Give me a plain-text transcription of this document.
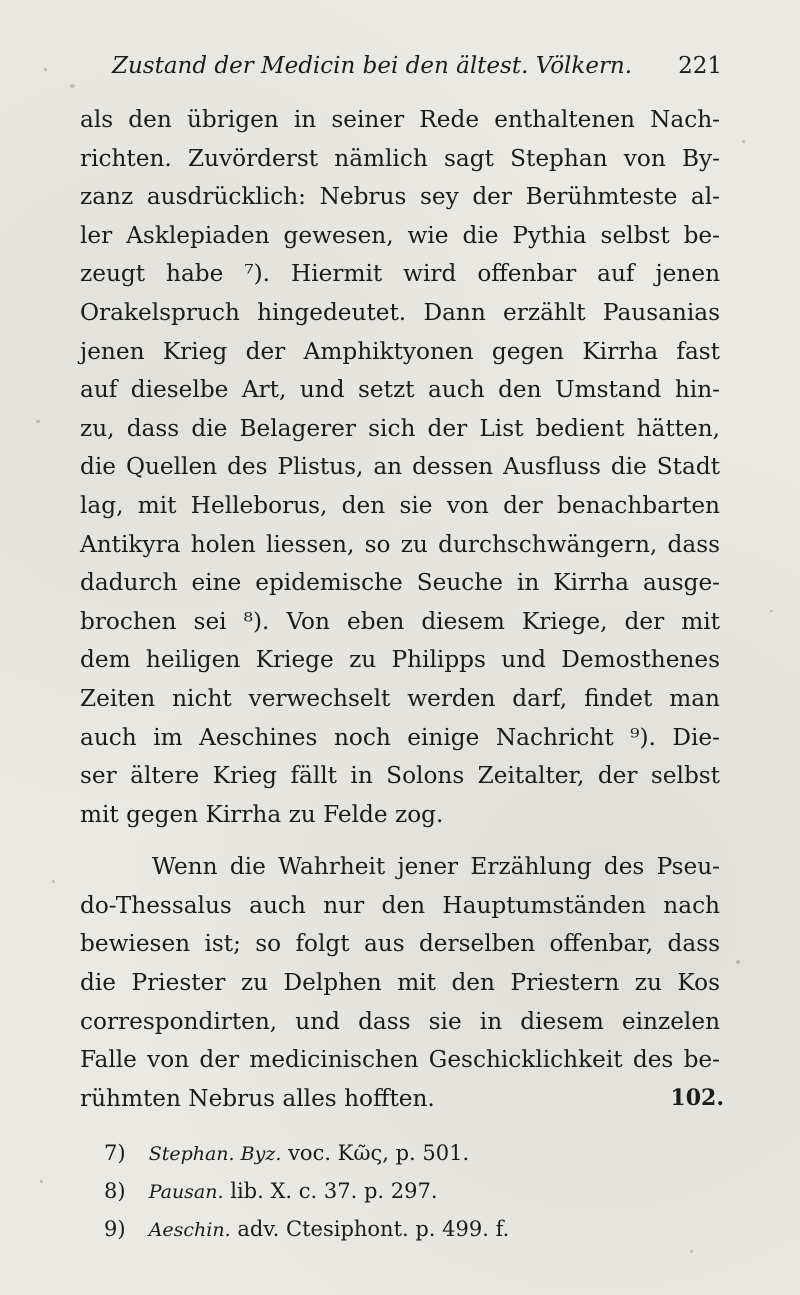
Zustand der Medicin bei den ältest. Völkern. 221
als den übrigen in seiner Rede enthaltenen Nach-
richten. Zuvörderst nämlich sagt Stephan von By-
zanz ausdrücklich: Nebrus sey der Berühmteste al-
ler Asklepiaden gewesen, wie die Pythia selbst be-
zeugt habe ⁷). Hiermit wird offenbar auf jenen
Orakelspruch hingedeutet. Dann erzählt Pausanias
jenen Krieg der Amphiktyonen gegen Kirrha fast
auf dieselbe Art, und setzt auch den Umstand hin-
zu, dass die Belagerer sich der List bedient hätten,
die Quellen des Plistus, an dessen Ausfluss die Stadt
lag, mit Helleborus, den sie von der benachbarten
Antikyra holen liessen, so zu durchschwängern, dass
dadurch eine epidemische Seuche in Kirrha ausge-
brochen sei ⁸). Von eben diesem Kriege, der mit
dem heiligen Kriege zu Philipps und Demosthenes
Zeiten nicht verwechselt werden darf, findet man
auch im Aeschines noch einige Nachricht ⁹). Die-
ser ältere Krieg fällt in Solons Zeitalter, der selbst
mit gegen Kirrha zu Felde zog.
Wenn die Wahrheit jener Erzählung des Pseu-
do-Thessalus auch nur den Hauptumständen nach
bewiesen ist; so folgt aus derselben offenbar, dass
die Priester zu Delphen mit den Priestern zu Kos
correspondirten, und dass sie in diesem einzelen
Falle von der medicinischen Geschicklichkeit des be-
rühmten Nebrus alles hofften.	102.
7) Stephan. Byz. voc. Κῶς, p. 501.
8) Pausan. lib. X. c. 37. p. 297.
9) Aeschin. adv. Ctesiphont. p. 499. f.
